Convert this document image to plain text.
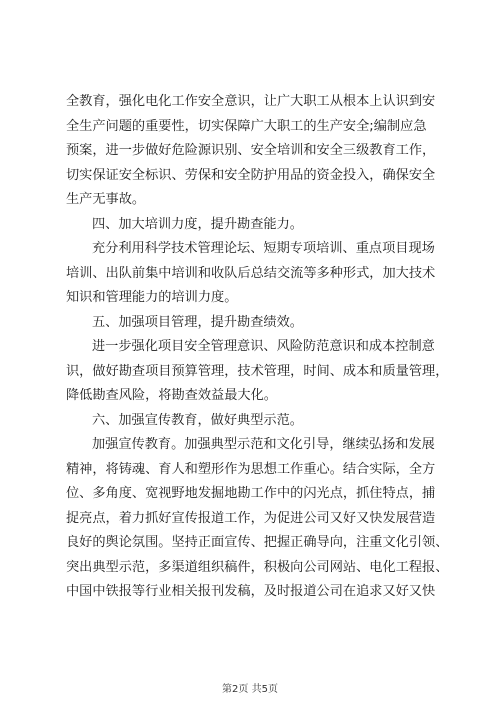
全教育，强化电化工作安全意识，让广大职工从根本上认识到安
全生产问题的重要性，切实保障广大职工的生产安全;编制应急
预案，进一步做好危险源识别、安全培训和安全三级教育工作，
切实保证安全标识、劳保和安全防护用品的资金投入，确保安全
生产无事故。
四、加大培训力度，提升勘查能力。
充分利用科学技术管理论坛、短期专项培训、重点项目现场
培训、出队前集中培训和收队后总结交流等多种形式，加大技术
知识和管理能力的培训力度。
五、加强项目管理，提升勘查绩效。
进一步强化项目安全管理意识、风险防范意识和成本控制意
识，做好勘查项目预算管理，技术管理，时间、成本和质量管理，
降低勘查风险，将勘查效益最大化。
六、加强宣传教育，做好典型示范。
加强宣传教育。加强典型示范和文化引导，继续弘扬和发展
精神，将铸魂、育人和塑形作为思想工作重心。结合实际，全方
位、多角度、宽视野地发掘地勘工作中的闪光点，抓住特点，捕
捉亮点，着力抓好宣传报道工作，为促进公司又好又快发展营造
良好的舆论氛围。坚持正面宣传、把握正确导向，注重文化引领、
突出典型示范，多渠道组织稿件，积极向公司网站、电化工程报、
中国中铁报等行业相关报刊发稿，及时报道公司在追求又好又快
第2页 共5页
